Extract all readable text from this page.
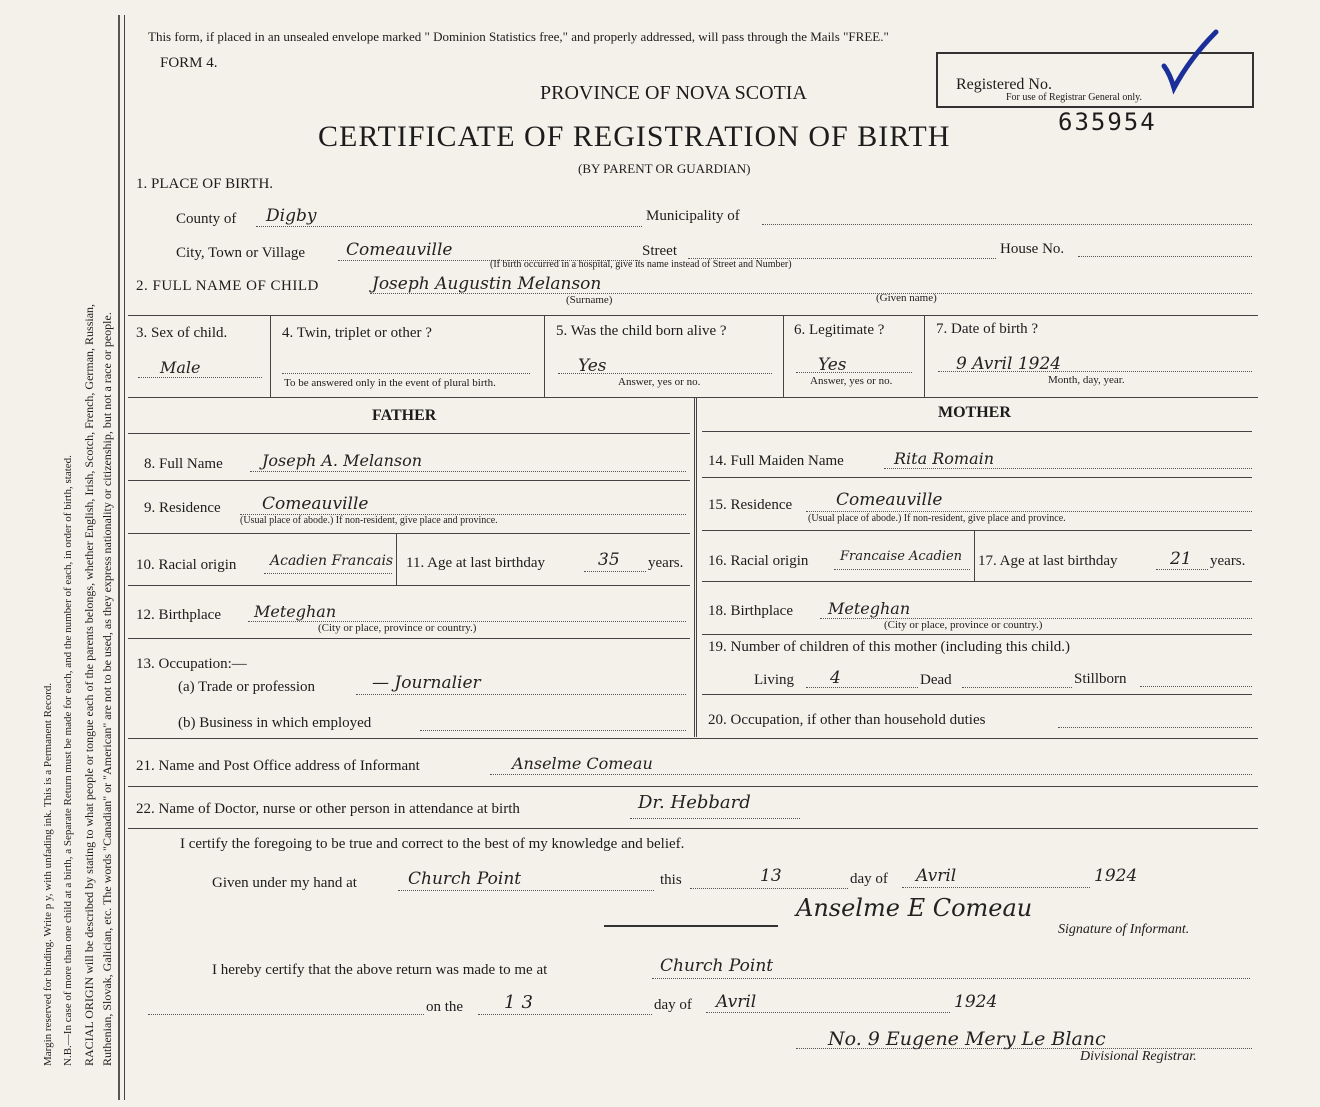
Margin reserved for binding. Write p y, with unfading ink. This is a Permanent Record. N.B.—In case of more than one child at a birth, a Separate Return must be made for each, and the number of each, in order of birth, stated. RACIAL ORIGIN will be described by stating to what people or tongue each of the parents belongs, whether English, Irish, Scotch, French, German, Russian, Ruthenian, Slovak, Galician, etc. The words "Canadian" or "American" are not to be used, as they express nationality or citizenship, but not a race or people.
This form, if placed in an unsealed envelope marked " Dominion Statistics free," and properly addressed, will pass through the Mails "FREE."
FORM 4.
PROVINCE OF NOVA SCOTIA
CERTIFICATE OF REGISTRATION OF BIRTH
(BY PARENT OR GUARDIAN)
Registered No.
For use of Registrar General only.
635954
1. PLACE OF BIRTH.
County of Digby	Municipality of
City, Town or Village Comeauville	Street	House No.
(If birth occurred in a hospital, give its name instead of Street and Number)
2. FULL NAME OF CHILD	Joseph Augustin Melanson
(Surname)	(Given name)
3. Sex of child.
Male
4. Twin, triplet or other ?
To be answered only in the event of plural birth.
5. Was the child born alive ?
Yes
Answer, yes or no.
6. Legitimate ?
Yes
Answer, yes or no.
7. Date of birth ?
9 Avril 1924
Month, day, year.
FATHER	MOTHER
8. Full Name Joseph A. Melanson
9. Residence Comeauville
(Usual place of abode.) If non-resident, give place and province.
10. Racial origin Acadien Francais 11. Age at last birthday	35 years.
12. Birthplace Meteghan
(City or place, province or country.)
13. Occupation:—
(a) Trade or profession	— Journalier
(b) Business in which employed
14. Full Maiden Name	Rita Romain
15. Residence	Comeauville
(Usual place of abode.) If non-resident, give place and province.
16. Racial origin Francaise Acadien 17. Age at last birthday	21 years.
18. Birthplace Meteghan
(City or place, province or country.)
19. Number of children of this mother (including this child.)
Living 4	Dead	Stillborn
20. Occupation, if other than household duties
21. Name and Post Office address of Informant	Anselme Comeau
22. Name of Doctor, nurse or other person in attendance at birth	Dr. Hebbard
I certify the foregoing to be true and correct to the best of my knowledge and belief.
Given under my hand at	Church Point	this	13	day of Avril	1924
Anselme E Comeau
Signature of Informant.
I hereby certify that the above return was made to me at	Church Point
on the 13	day of Avril	1924
No. 9 Eugene Mery Le Blanc
Divisional Registrar.
